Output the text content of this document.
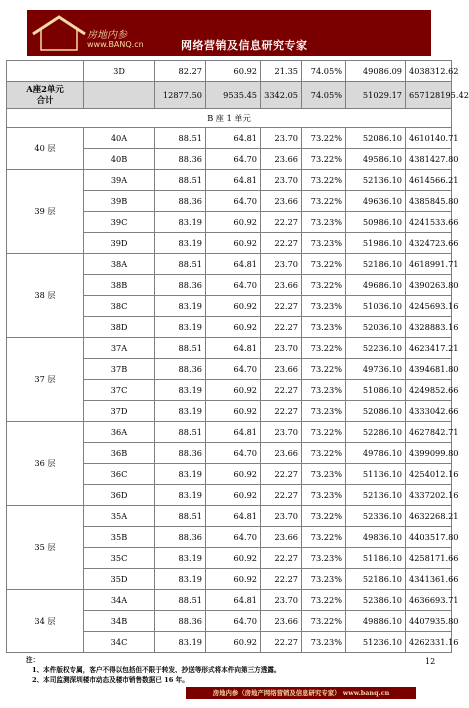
房地内参
www.BANQ.cn	网络营销及信息研究专家
	3D	82.27	60.92	21.35	74.05%	49086.09	4038312.62
A座2单元
合计		12877.50	9535.45	3342.05	74.05%	51029.17	657128195.42
B 座 1 单元							
40 层	40A	88.51	64.81	23.70	73.22%	52086.10	4610140.71
	40B	88.36	64.70	23.66	73.22%	49586.10	4381427.80
39 层	39A	88.51	64.81	23.70	73.22%	52136.10	4614566.21
	39B	88.36	64.70	23.66	73.22%	49636.10	4385845.80
	39C	83.19	60.92	22.27	73.23%	50986.10	4241533.66
	39D	83.19	60.92	22.27	73.23%	51986.10	4324723.66
38 层	38A	88.51	64.81	23.70	73.22%	52186.10	4618991.71
	38B	88.36	64.70	23.66	73.22%	49686.10	4390263.80
	38C	83.19	60.92	22.27	73.23%	51036.10	4245693.16
	38D	83.19	60.92	22.27	73.23%	52036.10	4328883.16
37 层	37A	88.51	64.81	23.70	73.22%	52236.10	4623417.21
	37B	88.36	64.70	23.66	73.22%	49736.10	4394681.80
	37C	83.19	60.92	22.27	73.23%	51086.10	4249852.66
	37D	83.19	60.92	22.27	73.23%	52086.10	4333042.66
36 层	36A	88.51	64.81	23.70	73.22%	52286.10	4627842.71
	36B	88.36	64.70	23.66	73.22%	49786.10	4399099.80
	36C	83.19	60.92	22.27	73.23%	51136.10	4254012.16
	36D	83.19	60.92	22.27	73.23%	52136.10	4337202.16
35 层	35A	88.51	64.81	23.70	73.22%	52336.10	4632268.21
	35B	88.36	64.70	23.66	73.22%	49836.10	4403517.80
	35C	83.19	60.92	22.27	73.23%	51186.10	4258171.66
	35D	83.19	60.92	22.27	73.23%	52186.10	4341361.66
34 层	34A	88.51	64.81	23.70	73.22%	52386.10	4636693.71
	34B	88.36	64.70	23.66	73.22%	49886.10	4407935.80
	34C	83.19	60.92	22.27	73.23%	51236.10	4262331.16
注：
1、本件版权专属，客户不得以包括但不限于转发、抄送等形式将本件向第三方透露。
2、本司监测深圳楼市动态及楼市销售数据已 16 年。
12
房地内参（房地产网络营销及信息研究专家） www.banq.cn
